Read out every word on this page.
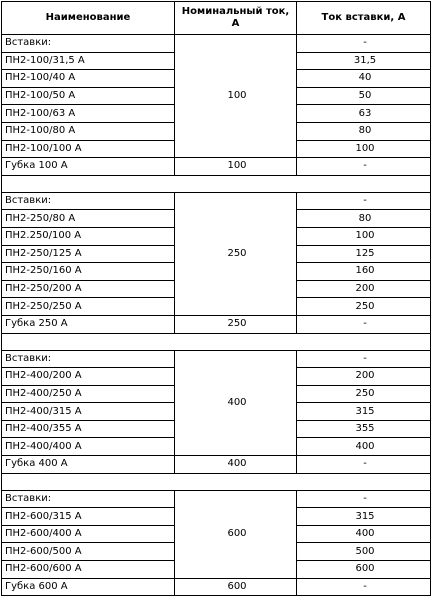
Наименование	Номинальный ток, А	Ток вставки, А
Вставки:	100	-
ПН2-100/31,5 А		31,5
ПН2-100/40 А		40
ПН2-100/50 А		50
ПН2-100/63 А		63
ПН2-100/80 А		80
ПН2-100/100 А		100
Губка 100 А	100	-

Вставки:	250	-
ПН2-250/80 А		80
ПН2.250/100 А		100
ПН2-250/125 А		125
ПН2-250/160 А		160
ПН2-250/200 А		200
ПН2-250/250 А		250
Губка 250 А	250	-

Вставки:	400	-
ПН2-400/200 А		200
ПН2-400/250 А		250
ПН2-400/315 А		315
ПН2-400/355 А		355
ПН2-400/400 А		400
Губка 400 А	400	-

Вставки:	600	-
ПН2-600/315 А		315
ПН2-600/400 А		400
ПН2-600/500 А		500
ПН2-600/600 А		600
Губка 600 А	600	-
